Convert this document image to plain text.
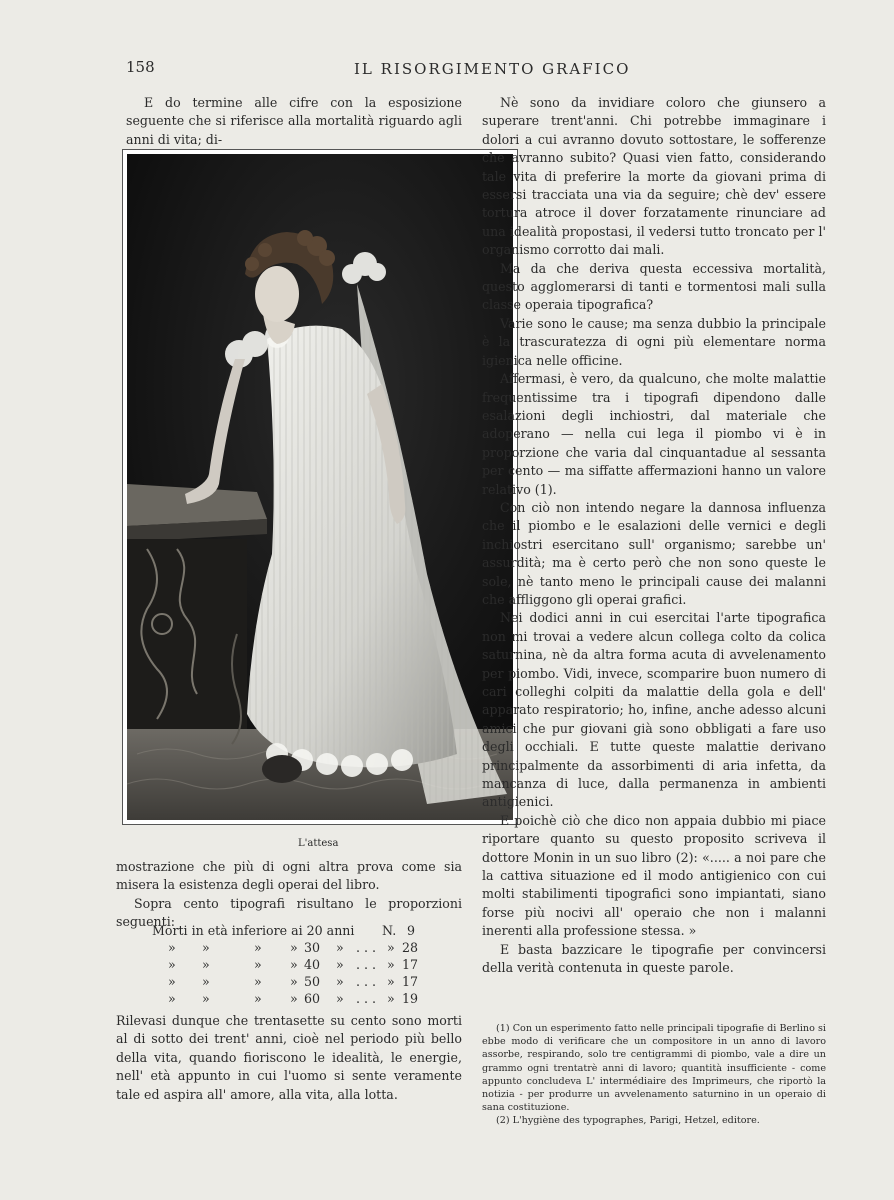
158	IL RISORGIMENTO GRAFICO

E do termine alle cifre con la esposizione seguente che si riferisce alla mortalità riguardo agli anni di vita; di-

L'attesa

mostrazione che più di ogni altra prova come sia misera la esistenza degli operai del libro.

Sopra cento tipografi risultano le proporzioni seguenti:

Morti in età inferiore ai 20 anni N. 9
» »	» » 30 » . . . » 28
» »	» » 40 » . . . » 17
» »	» » 50 » . . . » 17
» »	» » 60 » . . . » 19

Rilevasi dunque che trentasette su cento sono morti al di sotto dei trent' anni, cioè nel periodo più bello della vita, quando fioriscono le idealità, le energie, nell' età appunto in cui l'uomo si sente veramente tale ed aspira all' amore, alla vita, alla lotta.

Nè sono da invidiare coloro che giunsero a superare trent'anni. Chi potrebbe immaginare i dolori a cui avranno dovuto sottostare, le sofferenze che avranno subito? Quasi vien fatto, considerando tale vita di preferire la morte da giovani prima di essersi tracciata una via da seguire; chè dev' essere tortura atroce il dover forzatamente rinunciare ad una idealità propostasi, il vedersi tutto troncato per l' organismo corrotto dai mali.

Ma da che deriva questa eccessiva mortalità, questo agglomerarsi di tanti e tormentosi mali sulla classe operaia tipografica?

Varie sono le cause; ma senza dubbio la principale è la trascuratezza di ogni più elementare norma igienica nelle officine.

Affermasi, è vero, da qualcuno, che molte malattie frequentissime tra i tipografi dipendono dalle esalazioni degli inchiostri, dal materiale che adoperano — nella cui lega il piombo vi è in proporzione che varia dal cinquantadue al sessanta per cento — ma siffatte affermazioni hanno un valore relativo (1).

Con ciò non intendo negare la dannosa influenza che il piombo e le esalazioni delle vernici e degli inchiostri esercitano sull' organismo; sarebbe un' assurdità; ma è certo però che non sono queste le sole, nè tanto meno le principali cause dei malanni che affliggono gli operai grafici.

Nei dodici anni in cui esercitai l'arte tipografica non mi trovai a vedere alcun collega colto da colica saturnina, nè da altra forma acuta di avvelenamento per piombo. Vidi, invece, scomparire buon numero di cari colleghi colpiti da malattie della gola e dell' apparato respiratorio; ho, infine, anche adesso alcuni amici che pur giovani già sono obbligati a fare uso degli occhiali. E tutte queste malattie derivano principalmente da assorbimenti di aria infetta, da mancanza di luce, dalla permanenza in ambienti antigienici.

E poichè ciò che dico non appaia dubbio mi piace riportare quanto su questo proposito scriveva il dottore Monin in un suo libro (2): «..... a noi pare che la cattiva situazione ed il modo antigienico con cui molti stabilimenti tipografici sono impiantati, siano forse più nocivi all' operaio che non i malanni inerenti alla professione stessa. »

E basta bazzicare le tipografie per convincersi della verità contenuta in queste parole.

(1) Con un esperimento fatto nelle principali tipografie di Berlino si ebbe modo di verificare che un compositore in un anno di lavoro assorbe, respirando, solo tre centigrammi di piombo, vale a dire un grammo ogni trentatrè anni di lavoro; quantità insufficiente - come appunto concludeva L' intermédiaire des Imprimeurs, che riportò la notizia - per produrre un avvelenamento saturnino in un operaio di sana costituzione.

(2) L'hygiène des typographes, Parigi, Hetzel, editore.
